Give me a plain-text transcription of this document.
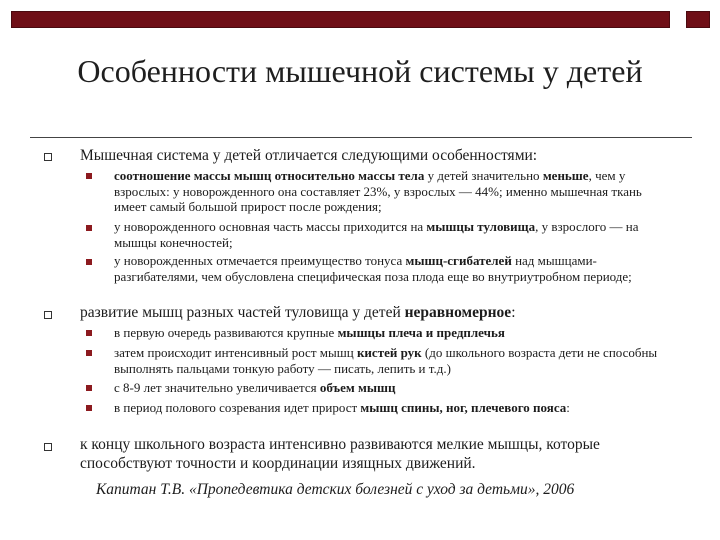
Особенности мышечной системы у детей
Мышечная система у детей отличается следующими особенностями:
соотношение массы мышц относительно массы тела у детей значительно меньше, чем у взрослых: у новорожденного она составляет 23%, у взрослых — 44%; именно мышечная ткань имеет самый большой прирост после рождения;
у новорожденного основная часть массы приходится на мышцы туловища, у взрослого — на мышцы конечностей;
у новорожденных отмечается преимущество тонуса мышц-сгибателей над мышцами-разгибателями, чем обусловлена специфическая поза плода еще во внутриутробном периоде;
развитие мышц разных частей туловища у детей неравномерное:
в первую очередь развиваются крупные мышцы плеча и предплечья
затем происходит интенсивный рост мышц кистей рук (до школьного возраста дети не способны выполнять пальцами тонкую работу — писать, лепить и т.д.)
с 8-9 лет значительно увеличивается объем мышц
в период полового созревания идет прирост мышц спины, ног, плечевого пояса:
к концу школьного возраста интенсивно развиваются мелкие мышцы, которые способствуют точности и координации изящных движений.
Капитан Т.В. «Пропедевтика детских болезней с уход за детьми», 2006
